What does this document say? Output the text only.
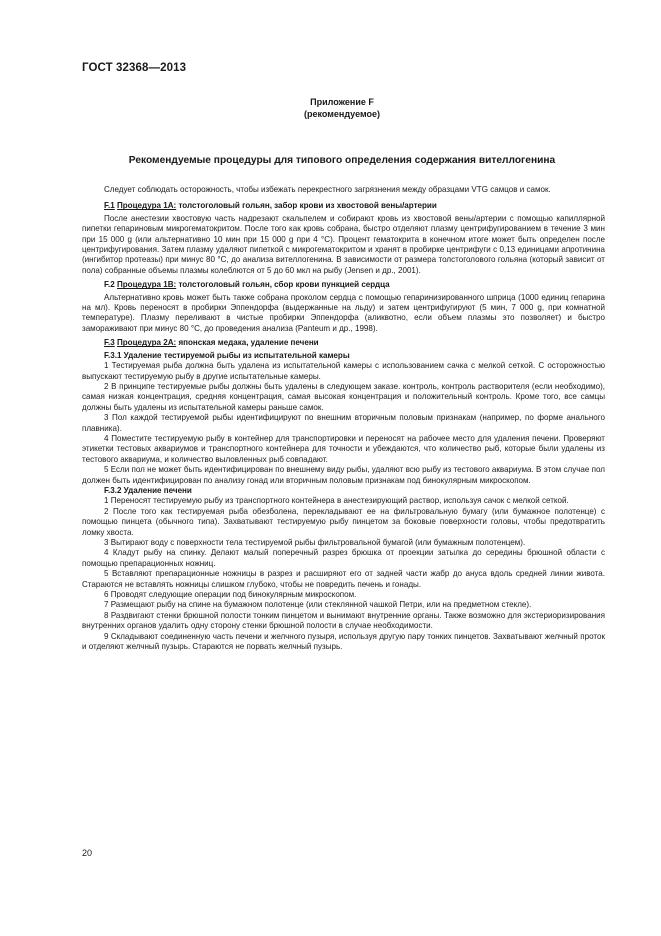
ГОСТ 32368—2013
Приложение F
(рекомендуемое)
Рекомендуемые процедуры для типового определения содержания вителлогенина

Следует соблюдать осторожность, чтобы избежать перекрестного загрязнения между образцами VTG самцов и самок.

F.1 Процедура 1А: толстоголовый гольян, забор крови из хвостовой вены/артерии

После анестезии хвостовую часть надрезают скальпелем и собирают кровь из хвостовой вены/артерии с помощью капиллярной пипетки гепариновым микрогематокритом. После того как кровь собрана, быстро отделяют плазму центрифугированием в течение 3 мин при 15 000 g (или альтернативно 10 мин при 15 000 g при 4 °С). Процент гематокрита в конечном итоге может быть определен после центрифугирования. Затем плазму удаляют пипеткой с микрогематокритом и хранят в пробирке центрифуги с 0,13 единицами апротинина (ингибитор протеазы) при минус 80 °С, до анализа вителлогенина. В зависимости от размера толстоголового гольяна (который зависит от пола) собранные объемы плазмы колеблются от 5 до 60 мкл на рыбу (Jensen и др., 2001).

F.2 Процедура 1В: толстоголовый гольян, сбор крови пункцией сердца

Альтернативно кровь может быть также собрана проколом сердца с помощью гепаринизированного шприца (1000 единиц гепарина на мл). Кровь переносят в пробирки Эппендорфа (выдержанные на льду) и затем центрифугируют (5 мин, 7 000 g, при комнатной температуре). Плазму переливают в чистые пробирки Эппендорфа (аликвотно, если объем плазмы это позволяет) и быстро замораживают при минус 80 °С, до проведения анализа (Panteum и др., 1998).

F.3 Процедура 2А: японская медака, удаление печени
F.3.1 Удаление тестируемой рыбы из испытательной камеры

1 Тестируемая рыба должна быть удалена из испытательной камеры с использованием сачка с мелкой сеткой. С осторожностью выпускают тестируемую рыбу в другие испытательные камеры.

2 В принципе тестируемые рыбы должны быть удалены в следующем заказе. контроль, контроль растворителя (если необходимо), самая низкая концентрация, средняя концентрация, самая высокая концентрация и положительный контроль. Кроме того, все самцы должны быть удалены из испытательной камеры раньше самок.

3 Пол каждой тестируемой рыбы идентифицируют по внешним вторичным половым признакам (например, по форме анального плавника).

4 Поместите тестируемую рыбу в контейнер для транспортировки и переносят на рабочее место для удаления печени. Проверяют этикетки тестовых аквариумов и транспортного контейнера для точности и убеждаются, что количество рыб, которые были удалены из тестового аквариума, и количество выловленных рыб совпадают.

5 Если пол не может быть идентифицирован по внешнему виду рыбы, удаляют всю рыбу из тестового аквариума. В этом случае пол должен быть идентифицирован по анализу гонад или вторичным половым признакам под бинокулярным микроскопом.

F.3.2 Удаление печени

1 Переносят тестируемую рыбу из транспортного контейнера в анестезирующий раствор, используя сачок с мелкой сеткой.

2 После того как тестируемая рыба обезболена, перекладывают ее на фильтровальную бумагу (или бумажное полотенце) с помощью пинцета (обычного типа). Захватывают тестируемую рыбу пинцетом за боковые поверхности головы, чтобы предотвратить ломку хвоста.

3 Вытирают воду с поверхности тела тестируемой рыбы фильтровальной бумагой (или бумажным полотенцем).

4 Кладут рыбу на спинку. Делают малый поперечный разрез брюшка от проекции затылка до середины брюшной области с помощью препарационных ножниц.

5 Вставляют препарационные ножницы в разрез и расширяют его от задней части жабр до ануса вдоль средней линии живота. Стараются не вставлять ножницы слишком глубоко, чтобы не повредить печень и гонады.

6 Проводят следующие операции под бинокулярным микроскопом.

7 Размещают рыбу на спине на бумажном полотенце (или стеклянной чашкой Петри, или на предметном стекле).

8 Раздвигают стенки брюшной полости тонким пинцетом и вынимают внутренние органы. Также возможно для экстериоризирования внутренних органов удалить одну сторону стенки брюшной полости в случае необходимости.

9 Складывают соединенную часть печени и желчного пузыря, используя другую пару тонких пинцетов. Захватывают желчный проток и отделяют желчный пузырь. Стараются не порвать желчный пузырь.

20
